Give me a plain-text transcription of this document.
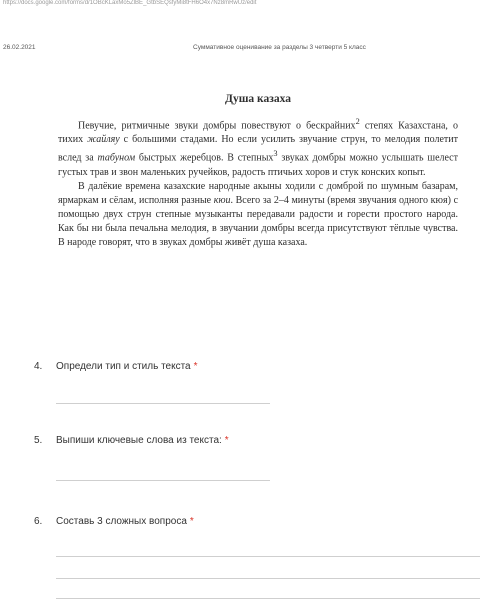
https://docs.google.com/forms/d/1OBcKLaxMo5ZlBE_GtbSEQsfyMi8tFH6O4x7Nz8mRwUz/edit
26.02.2021	Суммативное оценивание за разделы 3 четверти 5 класс
Душа казаха

Певучие, ритмичные звуки домбры повествуют о бескрайних$^2$ степях Казахстана, о тихих жайляу с большими стадами. Но если усилить звучание струн, то мелодия полетит вслед за табуном быстрых жеребцов. В степных$^3$ звуках домбры можно услышать шелест густых трав и звон маленьких ручейков, радость птичьих хоров и стук конских копыт.

В далёкие времена казахские народные акыны ходили с домброй по шумным базарам, ярмаркам и сёлам, исполняя разные кюи. Всего за 2–4 минуты (время звучания одного кюя) с помощью двух струн степные музыканты передавали радости и горести простого народа. Как бы ни была печальна мелодия, в звучании домбры всегда присутствуют тёплые чувства. В народе говорят, что в звуках домбры живёт душа казаха.

4. Определи тип и стиль текста *
5. Выпиши ключевые слова из текста: *
6. Составь 3 сложных вопроса *
